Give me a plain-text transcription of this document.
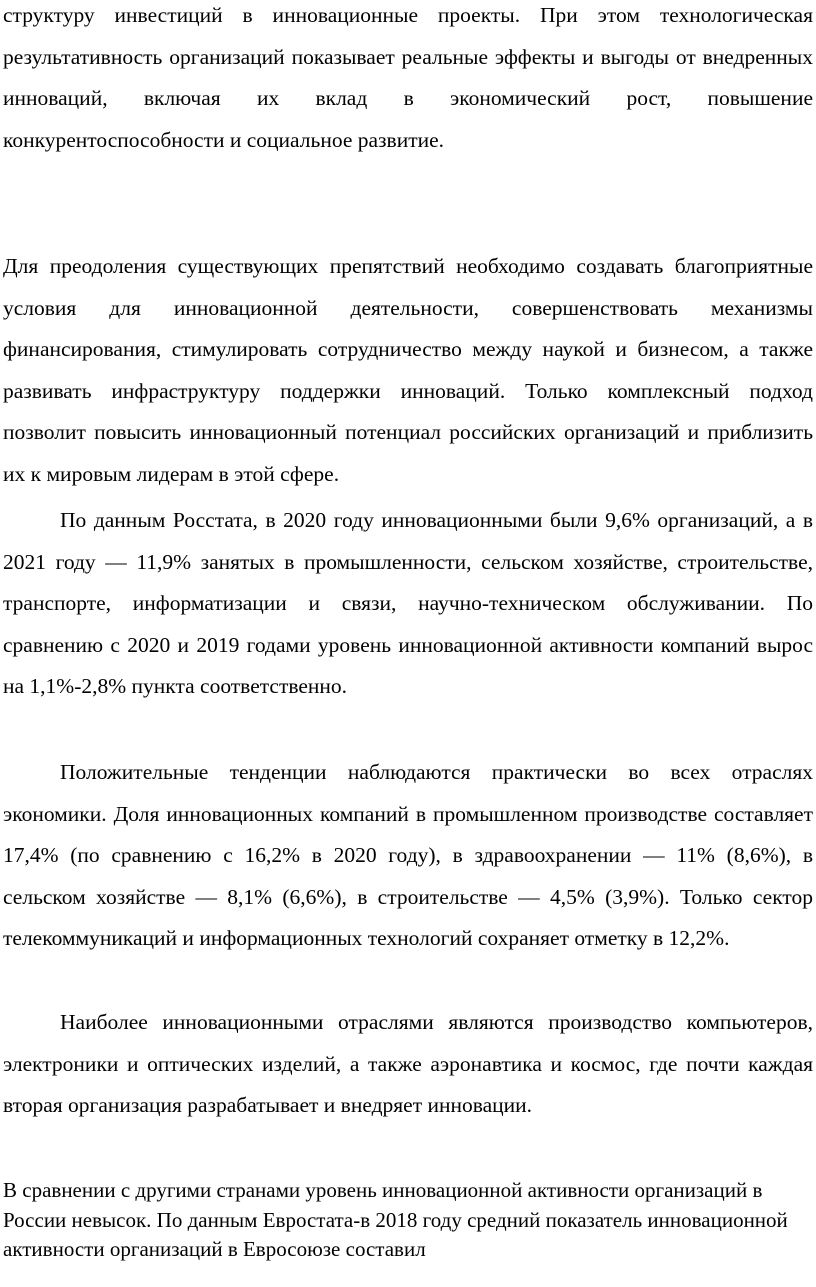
структуру инвестиций в инновационные проекты. При этом технологическая результативность организаций показывает реальные эффекты и выгоды от внедренных инноваций, включая их вклад в экономический рост, повышение конкурентоспособности и социальное развитие.

Для преодоления существующих препятствий необходимо создавать благоприятные условия для инновационной деятельности, совершенствовать механизмы финансирования, стимулировать сотрудничество между наукой и бизнесом, а также развивать инфраструктуру поддержки инноваций. Только комплексный подход позволит повысить инновационный потенциал российских организаций и приблизить их к мировым лидерам в этой сфере.

По данным Росстата, в 2020 году инновационными были 9,6% организаций, а в 2021 году — 11,9% занятых в промышленности, сельском хозяйстве, строительстве, транспорте, информатизации и связи, научно-техническом обслуживании. По сравнению с 2020 и 2019 годами уровень инновационной активности компаний вырос на 1,1%-2,8% пункта соответственно.

Положительные тенденции наблюдаются практически во всех отраслях экономики. Доля инновационных компаний в промышленном производстве составляет 17,4% (по сравнению с 16,2% в 2020 году), в здравоохранении — 11% (8,6%), в сельском хозяйстве — 8,1% (6,6%), в строительстве — 4,5% (3,9%). Только сектор телекоммуникаций и информационных технологий сохраняет отметку в 12,2%.

Наиболее инновационными отраслями являются производство компьютеров, электроники и оптических изделий, а также аэронавтика и космос, где почти каждая вторая организация разрабатывает и внедряет инновации.

В сравнении с другими странами уровень инновационной активности организаций в России невысок. По данным Евростата-в 2018 году средний показатель инновационной активности организаций в Евросоюзе составил
